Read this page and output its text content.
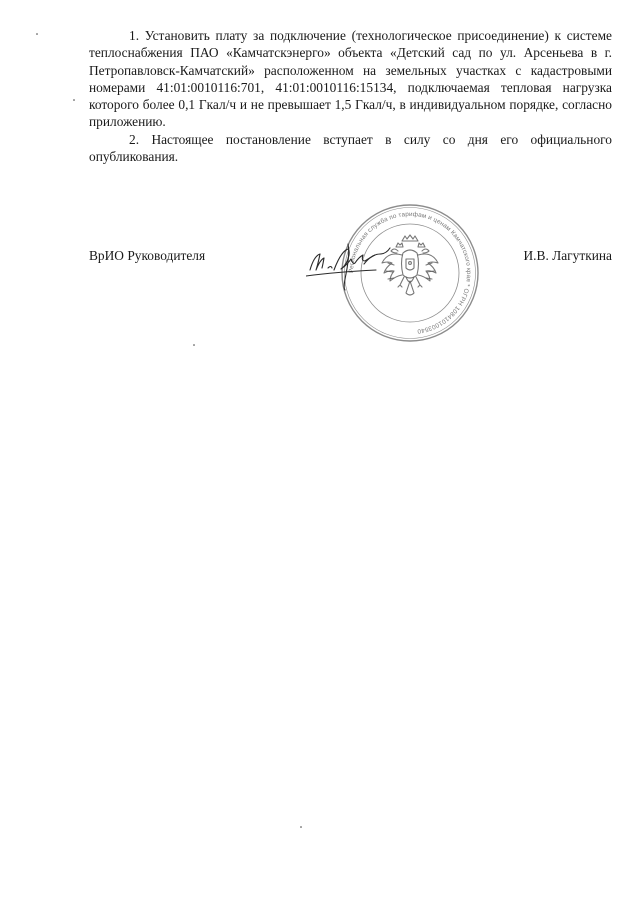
1. Установить плату за подключение (технологическое присоединение) к системе теплоснабжения ПАО «Камчатскэнерго» объекта «Детский сад по ул. Арсеньева в г. Петропавловск-Камчатский» расположенном на земельных участках с кадастровыми номерами 41:01:0010116:701, 41:01:0010116:15134, подключаемая тепловая нагрузка которого более 0,1 Гкал/ч и не превышает 1,5 Гкал/ч, в индивидуальном порядке, согласно приложению.

2. Настоящее постановление вступает в силу со дня его официального опубликования.

Региональная служба по тарифам и ценам Камчатского края * ОГРН 1084101003540
ВрИО Руководителя	И.В. Лагуткина
